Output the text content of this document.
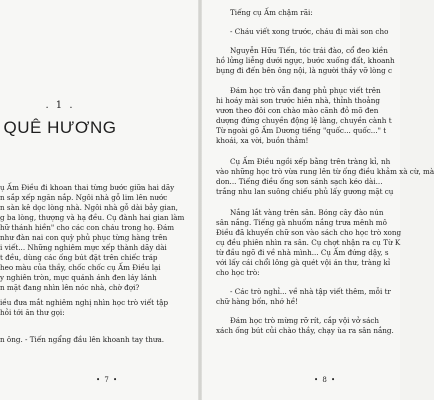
. 1 .
QUÊ HƯƠNG
ụ Ấm Điều đi khoan thai từng bước giữa hai dãy
n sắp xếp ngăn nắp. Ngôi nhà gỗ lim lên nước
n sàn kê dọc lòng nhà. Ngôi nhà gỗ dài bảy gian,
g ba lòng, thượng và hạ đều. Cụ đành hai gian làm
hữ thánh hiền" cho các con cháu trong họ. Đám
như đàn nai con quỳ phủ phục từng hàng trên
i viết... Những nghiêm mực xếp thành dãy dài
t đều, dùng các ống bút đặt trên chiếc tráp
heo màu của thầy, chốc chốc cụ Ấm Điều lại
y nghiên tròn, mực quánh ánh đen láy lánh
n mặt đang nhìn lên nóc nhà, chờ đợi?
iều đưa mắt nghiêm nghị nhìn học trò viết tập
hỏi tới ăn thư gọi:
n ông. - Tiến ngẩng đầu lên khoanh tay thưa.
• 7 •
Tiếng cụ Ấm chậm rãi:
- Cháu viết xong trước, cháu đi mài son cho
Nguyễn Hữu Tiến, tóc trái đào, cổ đeo kiền
hồ lửng liễng dưới ngực, bước xuống đất, khoanh
bụng đi đến bên ông nội, là người thầy vỡ lòng c
Đám học trò vẫn đang phủ phục viết trên
hi hoáy mài son trước hiên nhà, thỉnh thoảng
vươn theo đôi con chào mào cãnh đỏ mõ đen
dượng đứng chuyền động lệ làng, chuyền cành t
Từ ngoài gõ Ấm Dương tiếng "quốc... quốc..." t
khoái, xa vời, buồn thảm!
Cụ Ấm Điều ngồi xếp bằng trên tràng kỉ, nh
vào những học trò vừa rung lên từ ống điều khảm xà cừ, mà
don... Tiếng điều ống sơn sánh sạch kéo dài...
trắng nhu lan suông chiếu phủ lấy gương mặt cụ
Nắng lắt vàng trên sân. Bóng cây đào nún
sân nắng. Tiếng gà nhuốm nắng trưa mênh mô
Điều đã khuyến chữ son vào sách cho học trò xong
cụ đều phiên nhìn ra sân. Cụ chợt nhận ra cụ Từ K
từ đầu ngõ đi về nhà mình... Cụ Ấm đứng dậy, s
với lấy cái chổi lông gà quét vội án thư, tràng kỉ
cho học trò:
- Các trò nghỉ... về nhà tập viết thêm, mỗi tr
chữ hàng bốn, nhớ hề!
Đám học trò mừng rỡ rít, cắp vội vở sách
xách ống bút củi chào thầy, chạy ùa ra sân nắng.
• 8 •
